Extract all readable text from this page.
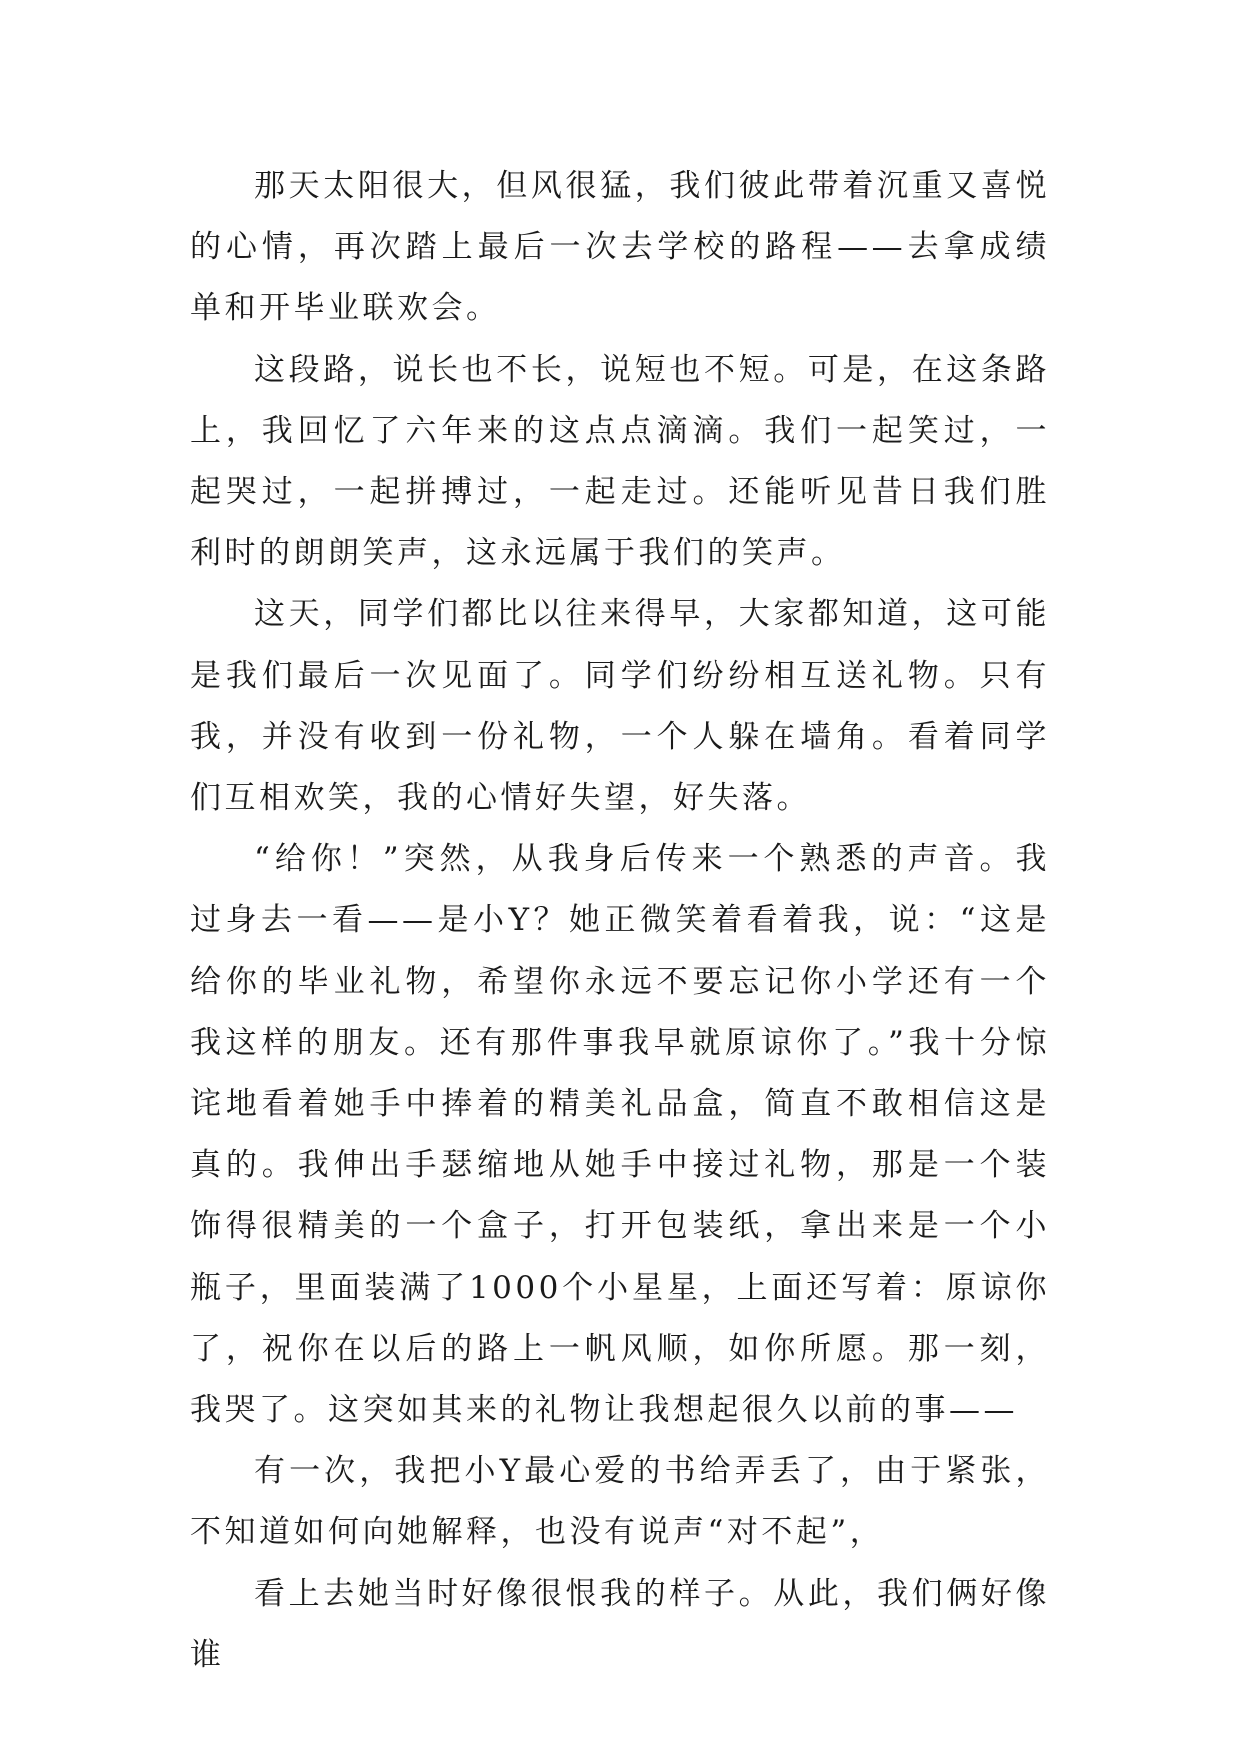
那天太阳很大，但风很猛，我们彼此带着沉重又喜悦的心情，再次踏上最后一次去学校的路程——去拿成绩单和开毕业联欢会。

这段路，说长也不长，说短也不短。可是，在这条路上，我回忆了六年来的这点点滴滴。我们一起笑过，一起哭过，一起拼搏过，一起走过。还能听见昔日我们胜利时的朗朗笑声，这永远属于我们的笑声。

这天，同学们都比以往来得早，大家都知道，这可能是我们最后一次见面了。同学们纷纷相互送礼物。只有我，并没有收到一份礼物，一个人躲在墙角。看着同学们互相欢笑，我的心情好失望，好失落。

“给你！”突然，从我身后传来一个熟悉的声音。我过身去一看——是小Y？她正微笑着看着我，说：“这是给你的毕业礼物，希望你永远不要忘记你小学还有一个我这样的朋友。还有那件事我早就原谅你了。”我十分惊诧地看着她手中捧着的精美礼品盒，简直不敢相信这是真的。我伸出手瑟缩地从她手中接过礼物，那是一个装饰得很精美的一个盒子，打开包装纸，拿出来是一个小瓶子，里面装满了1000个小星星，上面还写着：原谅你了，祝你在以后的路上一帆风顺，如你所愿。那一刻，我哭了。这突如其来的礼物让我想起很久以前的事——

有一次，我把小Y最心爱的书给弄丢了，由于紧张，不知道如何向她解释，也没有说声“对不起”，

看上去她当时好像很恨我的样子。从此，我们俩好像谁
